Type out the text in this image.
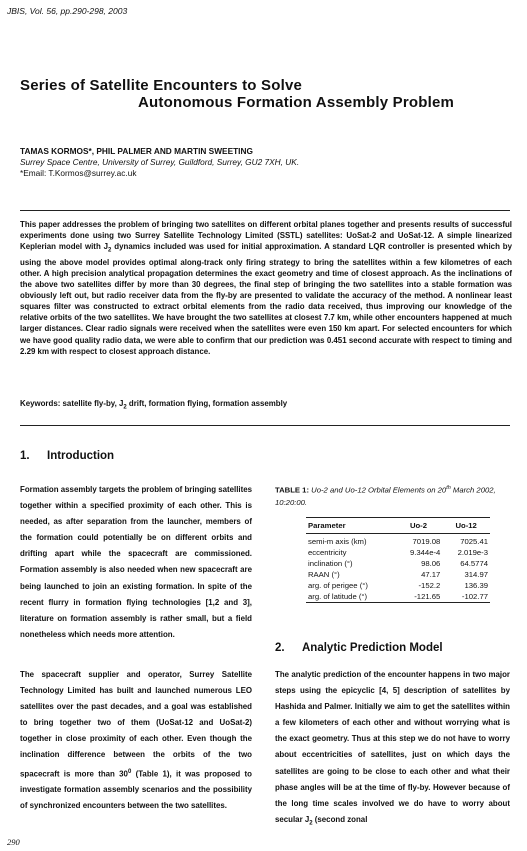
JBIS, Vol. 56, pp.290-298, 2003
Series of Satellite Encounters to Solve
Autonomous Formation Assembly Problem
TAMAS KORMOS*, PHIL PALMER AND MARTIN SWEETING
Surrey Space Centre, University of Surrey, Guildford, Surrey, GU2 7XH, UK.
*Email: T.Kormos@surrey.ac.uk
This paper addresses the problem of bringing two satellites on different orbital planes together and presents results of successful experiments done using two Surrey Satellite Technology Limited (SSTL) satellites: UoSat-2 and UoSat-12. A simple linearized Keplerian model with $J_2$ dynamics included was used for initial approximation. A standard LQR controller is presented which by using the above model provides optimal along-track only firing strategy to bring the satellites within a few kilometres of each other. A high precision analytical propagation determines the exact geometry and time of closest approach. As the inclinations of the above two satellites differ by more than 30 degrees, the final step of bringing the two satellites into a stable formation was obviously left out, but radio receiver data from the fly-by are presented to validate the accuracy of the method. A nonlinear least squares filter was constructed to extract orbital elements from the radio data received, thus improving our knowledge of the relative orbits of the two satellites. We have brought the two satellites at closest 7.7 km, while other encounters happened at much larger distances. Clear radio signals were received when the satellites were even 150 km apart. For selected encounters for which we have good quality radio data, we were able to confirm that our prediction was 0.451 second accurate with respect to timing and 2.29 km with respect to closest approach distance.
Keywords: satellite fly-by, $J_2$ drift, formation flying, formation assembly
1. Introduction
Formation assembly targets the problem of bringing satellites together within a specified proximity of each other. This is needed, as after separation from the launcher, members of the formation could potentially be on different orbits and drifting apart while the spacecraft are commissioned. Formation assembly is also needed when new spacecraft are being launched to join an existing formation. In spite of the recent flurry in formation flying technologies [1,2 and 3], literature on formation assembly is rather small, but a field nonetheless which needs more attention.
The spacecraft supplier and operator, Surrey Satellite Technology Limited has built and launched numerous LEO satellites over the past decades, and a goal was established to bring together two of them (UoSat-12 and UoSat-2) together in close proximity of each other. Even though the inclination difference between the orbits of the two spacecraft is more than $30^0$ (Table 1), it was proposed to investigate formation assembly scenarios and the possibility of synchronized encounters between the two satellites.
TABLE 1: Uo-2 and Uo-12 Orbital Elements on 20th March 2002, 10:20:00.
Parameter	Uo-2	Uo-12
semi-m axis (km)	7019.08	7025.41
eccentricity	9.344e-4	2.019e-3
inclination (°)	98.06	64.5774
RAAN (°)	47.17	314.97
arg. of perigee (°)	-152.2	136.39
arg. of latitude (°)	-121.65	-102.77
2. Analytic Prediction Model
The analytic prediction of the encounter happens in two major steps using the epicyclic [4, 5] description of satellites by Hashida and Palmer. Initially we aim to get the satellites within a few kilometers of each other and without worrying what is the exact geometry. Thus at this step we do not have to worry about eccentricities of satellites, just on which days the satellites are going to be close to each other and what their phase angles will be at the time of fly-by. However because of the long time scales involved we do have to worry about secular $J_2$ (second zonal
290
